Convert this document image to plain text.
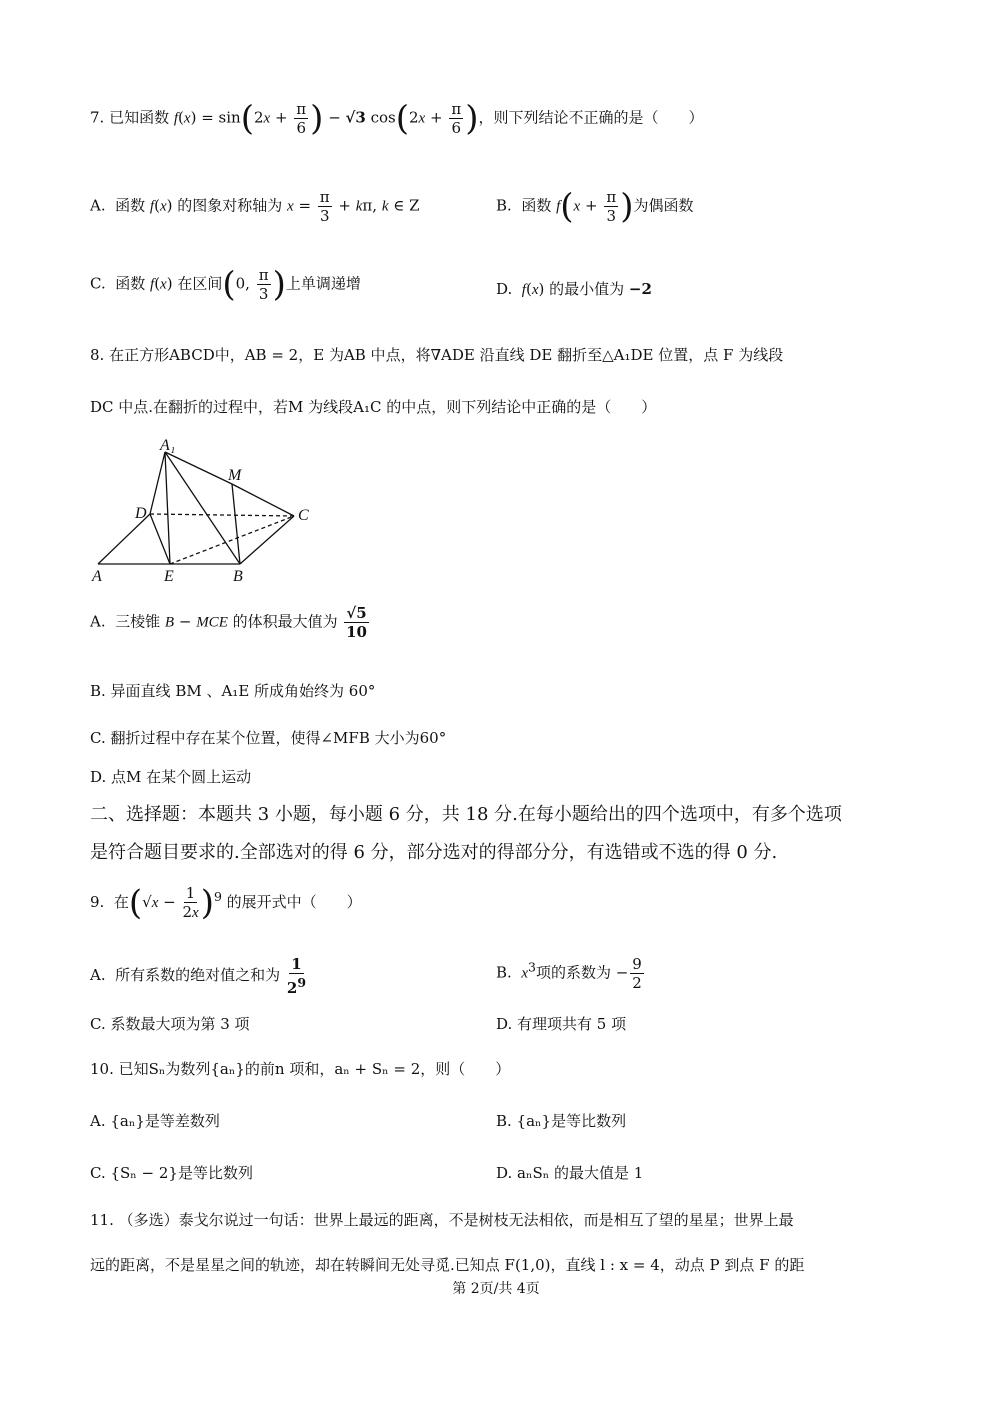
7. 已知函数 $f(x) = \sin(2x + \frac{\pi}{6}$ ) − √3 $\cos(2x + \frac{\pi}{6}$ )，则下列结论不正确的是（　　）
A.  函数 f(x) 的图象对称轴为 $x = \frac{\pi}{3} + k\pi$, k ∈ Z	B.  函数 $f(x + \frac{\pi}{3}$ )为偶函数
C.  函数 f(x) 在区间(0, $\frac{\pi}{3}$ )上单调递增	D.  f(x) 的最小值为 −2
8. 在正方形ABCD中，AB = 2，E 为AB 中点，将∇ADE 沿直线 DE 翻折至△A₁DE 位置，点 F 为线段
DC 中点.在翻折的过程中，若M 为线段A₁C 的中点，则下列结论中正确的是（　　）
A₁
M
D	C
A	E	B
A.  三棱锥 B − MCE 的体积最大值为 $\frac{√5}{10}$
B. 异面直线 BM 、A₁E 所成角始终为 60°
C. 翻折过程中存在某个位置，使得∠MFB 大小为60°
D. 点M 在某个圆上运动
二、选择题：本题共 3 小题，每小题 6 分，共 18 分.在每小题给出的四个选项中，有多个选项
是符合题目要求的.全部选对的得 6 分，部分选对的得部分分，有选错或不选的得 0 分.
9.  在$(√x - \frac{1}{2x} )^9$ 的展开式中（　　）
A.  所有系数的绝对值之和为 $\frac{1}{2^9}$	B.  $x^3$项的系数为 − $\frac{9}{2}$
C. 系数最大项为第 3 项	D. 有理项共有 5 项
10. 已知Sₙ为数列{aₙ}的前n 项和，aₙ + Sₙ = 2，则（　　）
A. {aₙ}是等差数列	B. {aₙ}是等比数列
C. {Sₙ − 2}是等比数列	D. aₙSₙ 的最大值是 1
11. （多选）泰戈尔说过一句话：世界上最远的距离，不是树枝无法相依，而是相互了望的星星；世界上最
远的距离，不是星星之间的轨迹，却在转瞬间无处寻觅.已知点 F(1,0)，直线 l : x = 4，动点 P 到点 F 的距
第 2页/共 4页
